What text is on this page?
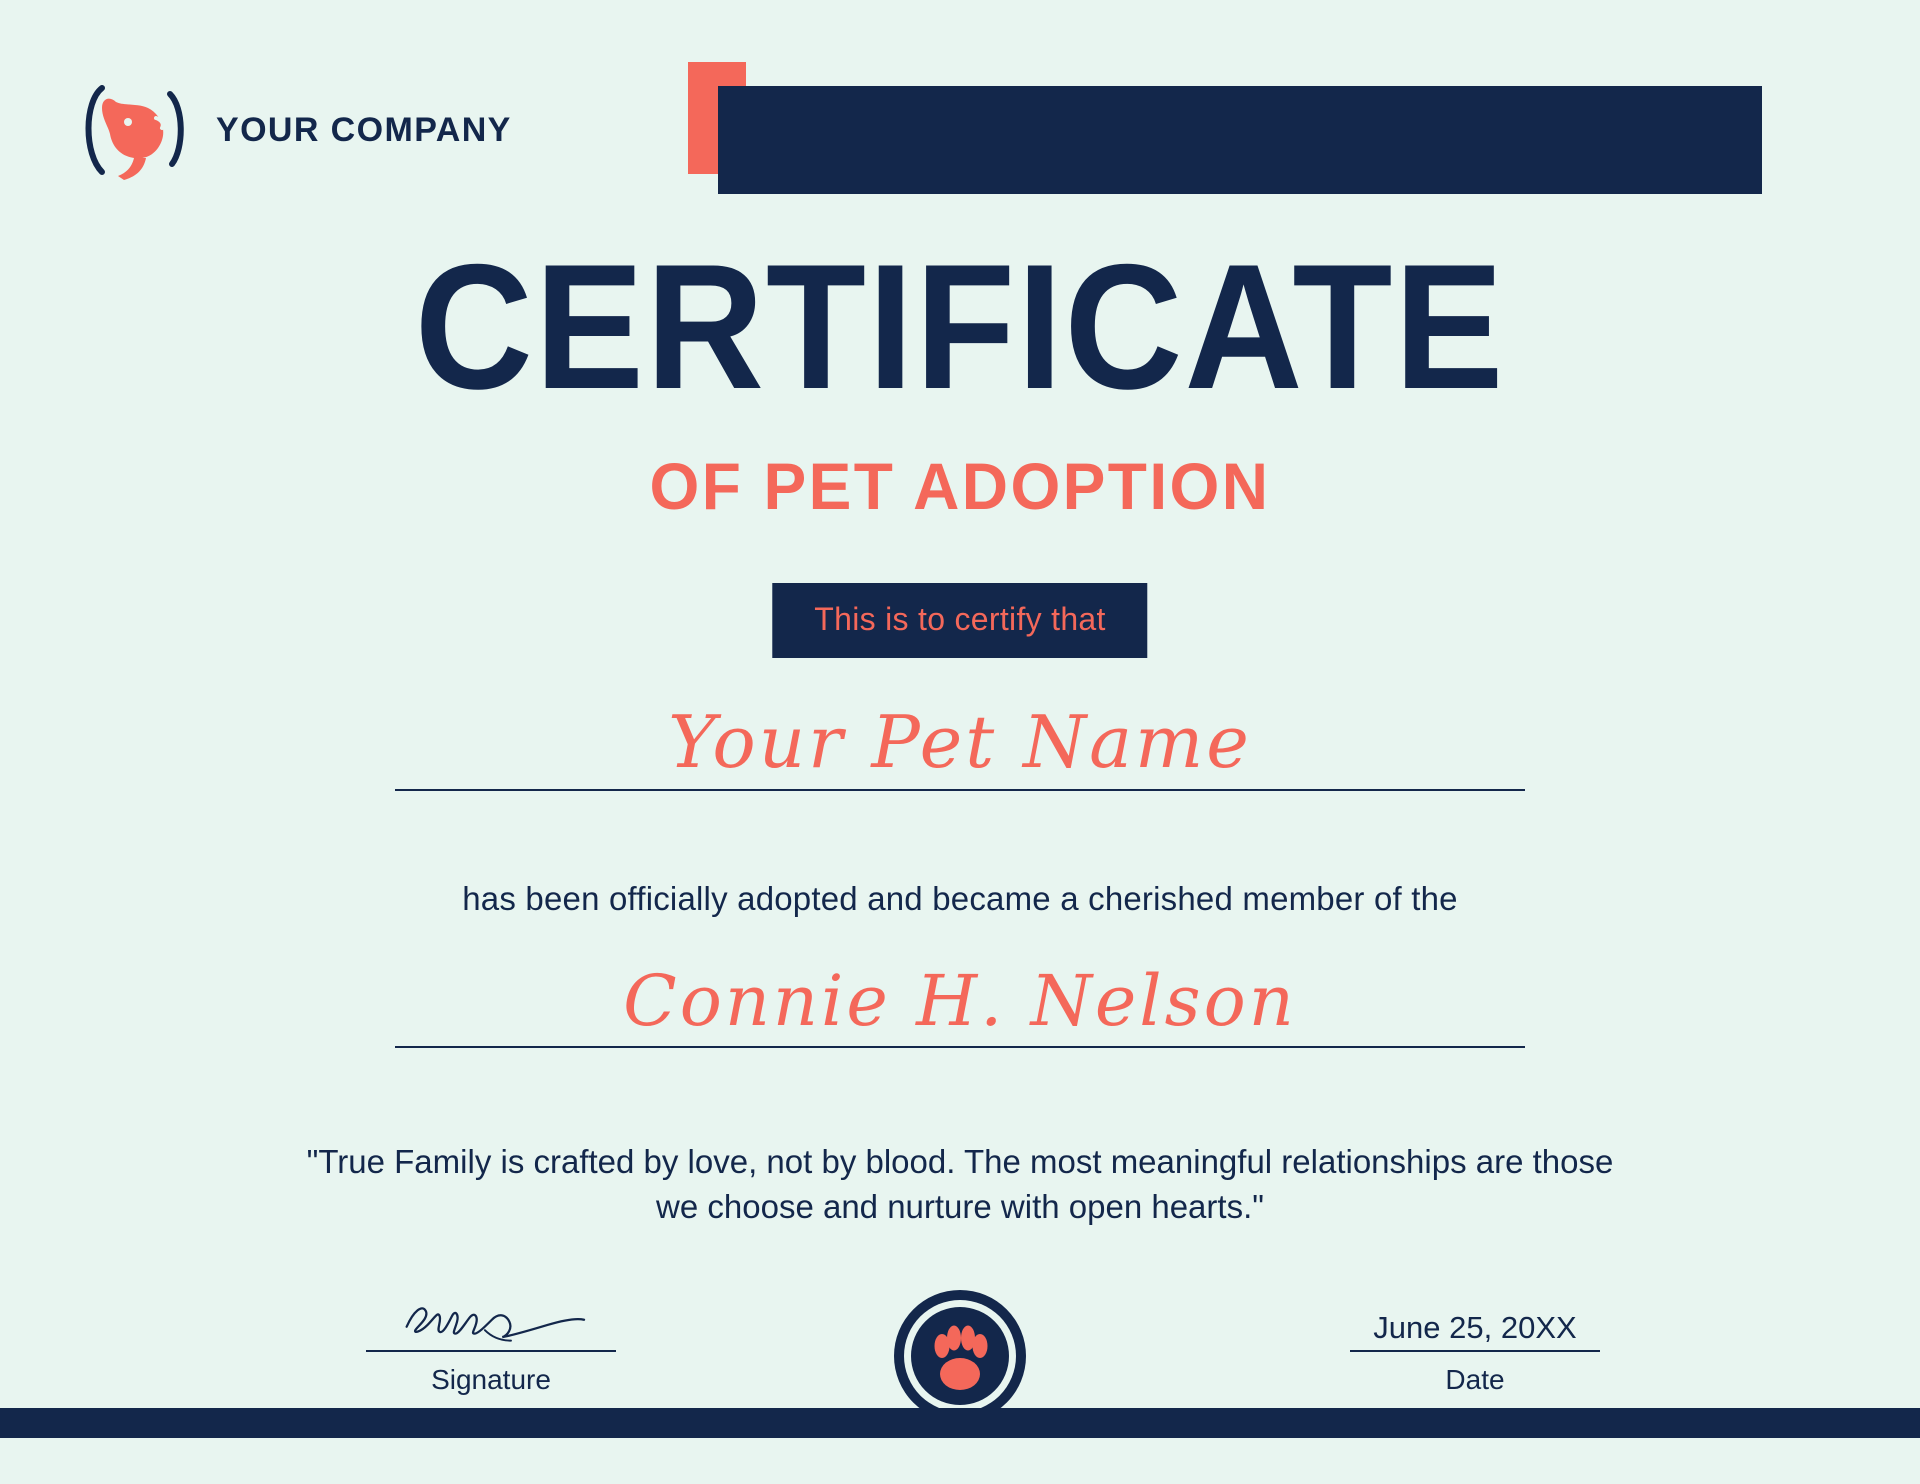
YOUR COMPANY
CERTIFICATE
OF PET ADOPTION
This is to certify that
Your Pet Name
has been officially adopted and became a cherished member of the
Connie H. Nelson
"True Family is crafted by love, not by blood. The most meaningful relationships are those we choose and nurture with open hearts."
Signature
June 25, 20XX
Date
